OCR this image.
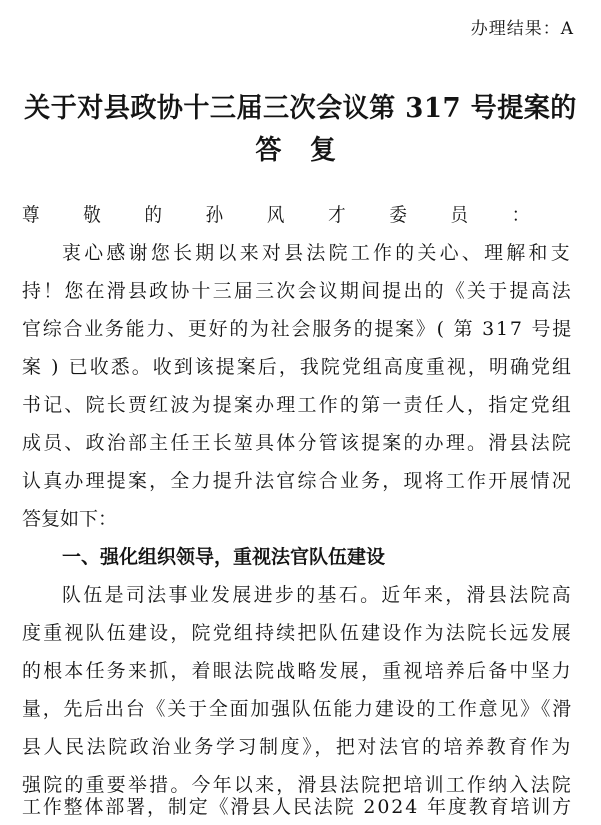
办理结果：A
关于对县政协十三届三次会议第 317 号提案的
答 复
尊敬的孙风才委员：
衷心感谢您长期以来对县法院工作的关心、理解和支
持！您在滑县政协十三届三次会议期间提出的《关于提高法
官综合业务能力、更好的为社会服务的提案》( 第 317 号提
案 ) 已收悉。收到该提案后，我院党组高度重视，明确党组
书记、院长贾红波为提案办理工作的第一责任人，指定党组
成员、政治部主任王长堃具体分管该提案的办理。滑县法院
认真办理提案，全力提升法官综合业务，现将工作开展情况
答复如下：
一、强化组织领导，重视法官队伍建设
队伍是司法事业发展进步的基石。近年来，滑县法院高
度重视队伍建设，院党组持续把队伍建设作为法院长远发展
的根本任务来抓，着眼法院战略发展，重视培养后备中坚力
量，先后出台《关于全面加强队伍能力建设的工作意见》《滑
县人民法院政治业务学习制度》，把对法官的培养教育作为
强院的重要举措。今年以来，滑县法院把培训工作纳入法院
工作整体部署，制定《滑县人民法院 2024 年度教育培训方
